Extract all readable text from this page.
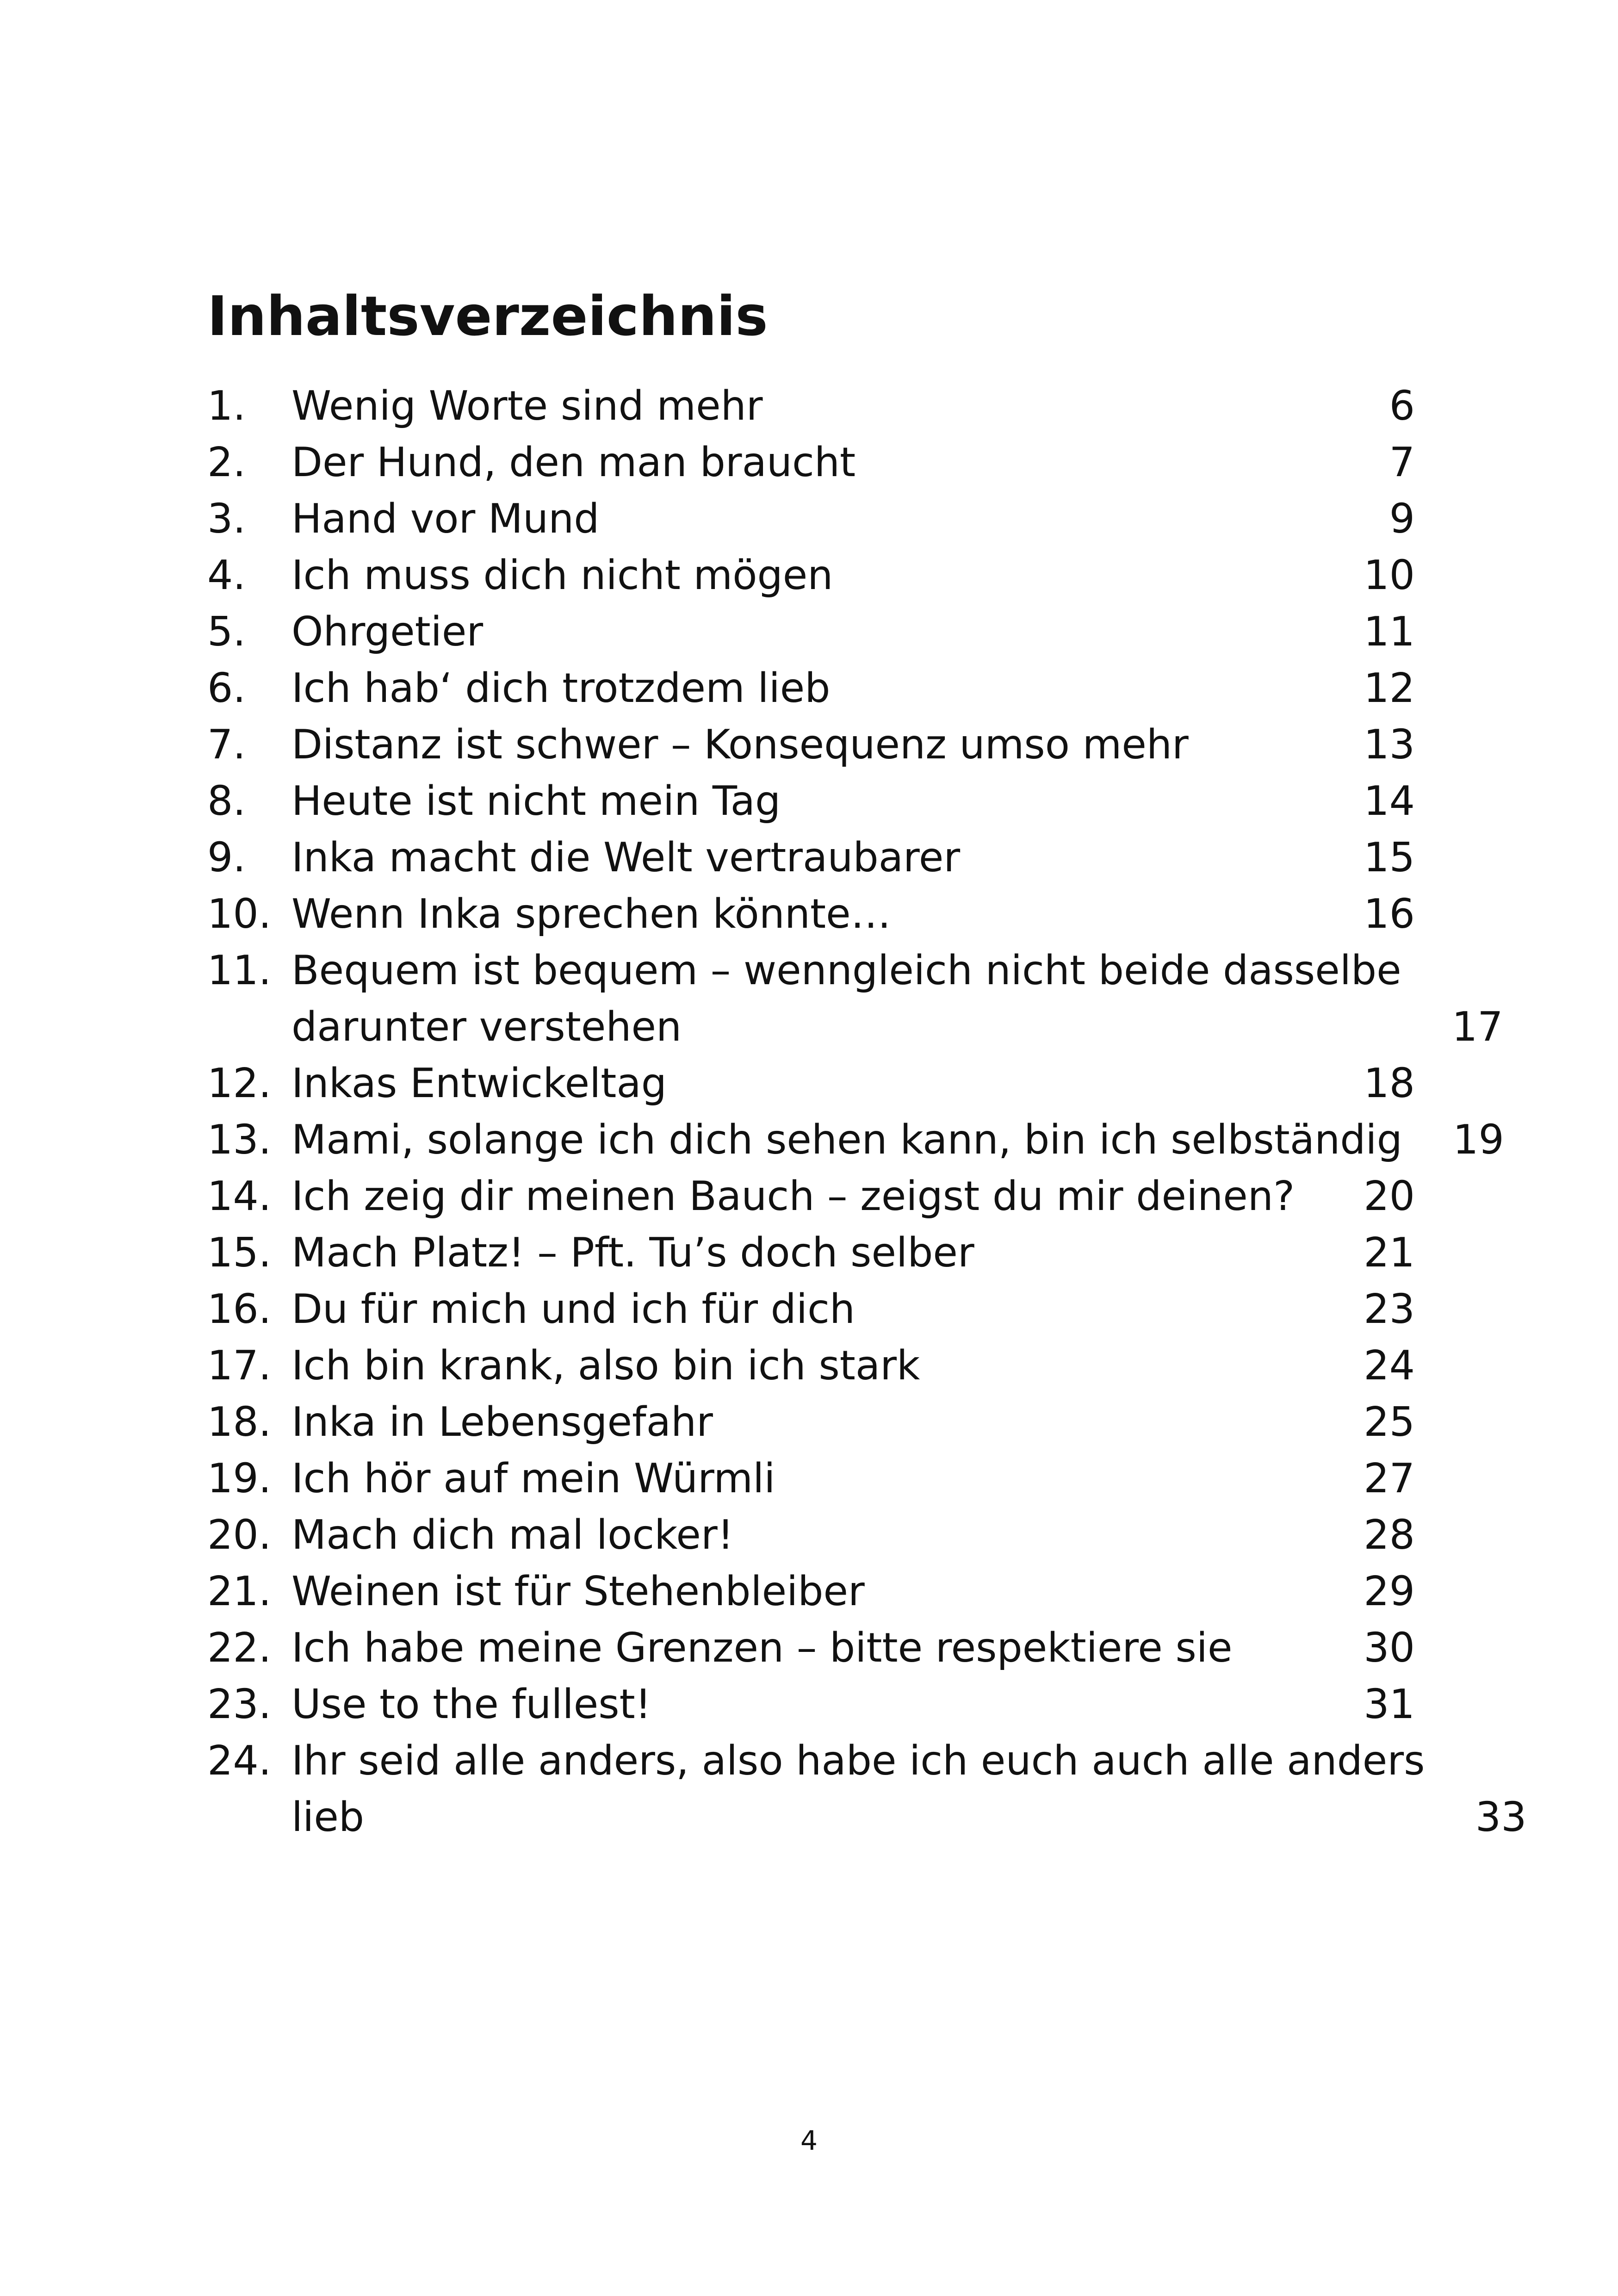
Inhaltsverzeichnis
1.	Wenig Worte sind mehr	6
2.	Der Hund, den man braucht	7
3.	Hand vor Mund	9
4.	Ich muss dich nicht mögen	10
5.	Ohrgetier	11
6.	Ich hab‘ dich trotzdem lieb	12
7.	Distanz ist schwer – Konsequenz umso mehr	13
8.	Heute ist nicht mein Tag	14
9.	Inka macht die Welt vertraubarer	15
10. Wenn Inka sprechen könnte…	16
11. Bequem ist bequem – wenngleich nicht beide dasselbe
darunter verstehen	17
12. Inkas Entwickeltag	18
13. Mami, solange ich dich sehen kann, bin ich selbständig	19
14. Ich zeig dir meinen Bauch – zeigst du mir deinen?	20
15. Mach Platz! – Pft. Tu’s doch selber	21
16. Du für mich und ich für dich	23
17. Ich bin krank, also bin ich stark	24
18. Inka in Lebensgefahr	25
19. Ich hör auf mein Würmli	27
20. Mach dich mal locker!	28
21. Weinen ist für Stehenbleiber	29
22. Ich habe meine Grenzen – bitte respektiere sie	30
23. Use to the fullest!	31
24. Ihr seid alle anders, also habe ich euch auch alle anders
lieb	33
4
